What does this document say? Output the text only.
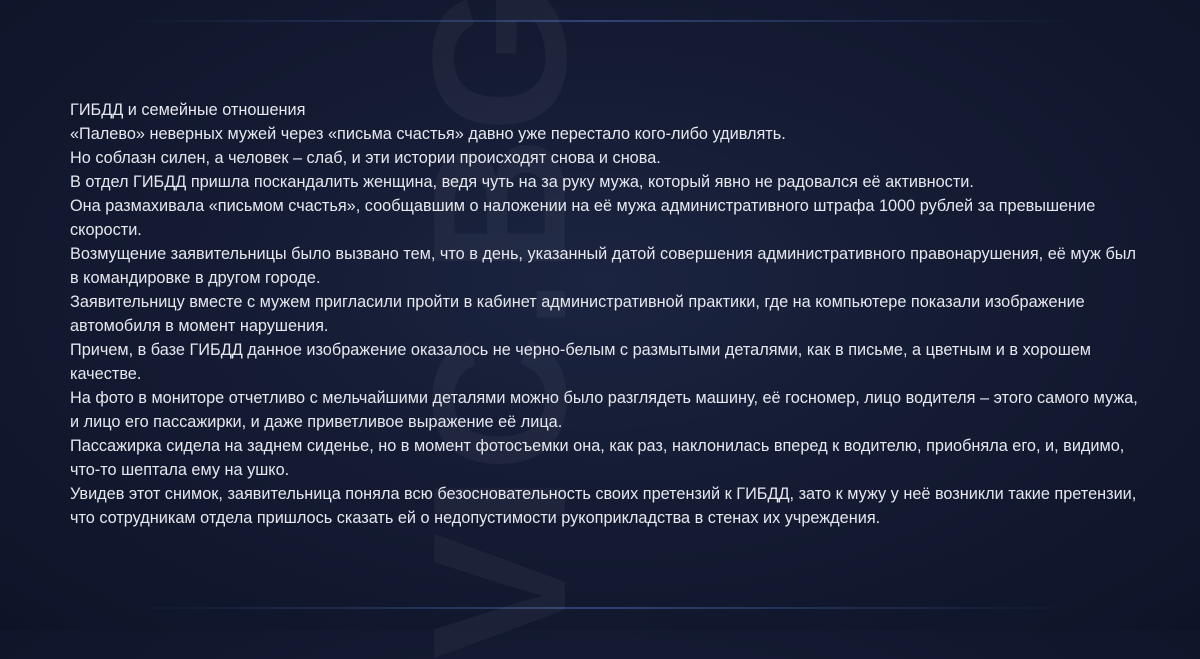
ГИБДД и семейные отношения

«Палево» неверных мужей через «письма счастья» давно уже перестало кого-либо удивлять.

Но соблазн силен, а человек – слаб, и эти истории происходят снова и снова.

В отдел ГИБДД пришла поскандалить женщина, ведя чуть на за руку мужа, который явно не радовался её активности.

Она размахивала «письмом счастья», сообщавшим о наложении на её мужа административного штрафа 1000 рублей за превышение скорости.

Возмущение заявительницы было вызвано тем, что в день, указанный датой совершения административного правонарушения, её муж был в командировке в другом городе.

Заявительницу вместе с мужем пригласили пройти в кабинет административной практики, где на компьютере показали изображение автомобиля в момент нарушения.

Причем, в базе ГИБДД данное изображение оказалось не черно-белым с размытыми деталями, как в письме, а цветным и в хорошем качестве.

На фото в мониторе отчетливо с мельчайшими деталями можно было разглядеть машину, её госномер, лицо водителя – этого самого мужа, и лицо его пассажирки, и даже приветливое выражение её лица.

Пассажирка сидела на заднем сиденье, но в момент фотосъемки она, как раз, наклонилась вперед к водителю, приобняла его, и, видимо, что-то шептала ему на ушко.

Увидев этот снимок, заявительница поняла всю безосновательность своих претензий к ГИБДД, зато к мужу у неё возникли такие претензии, что сотрудникам отдела пришлось сказать ей о недопустимости рукоприкладства в стенах их учреждения.
